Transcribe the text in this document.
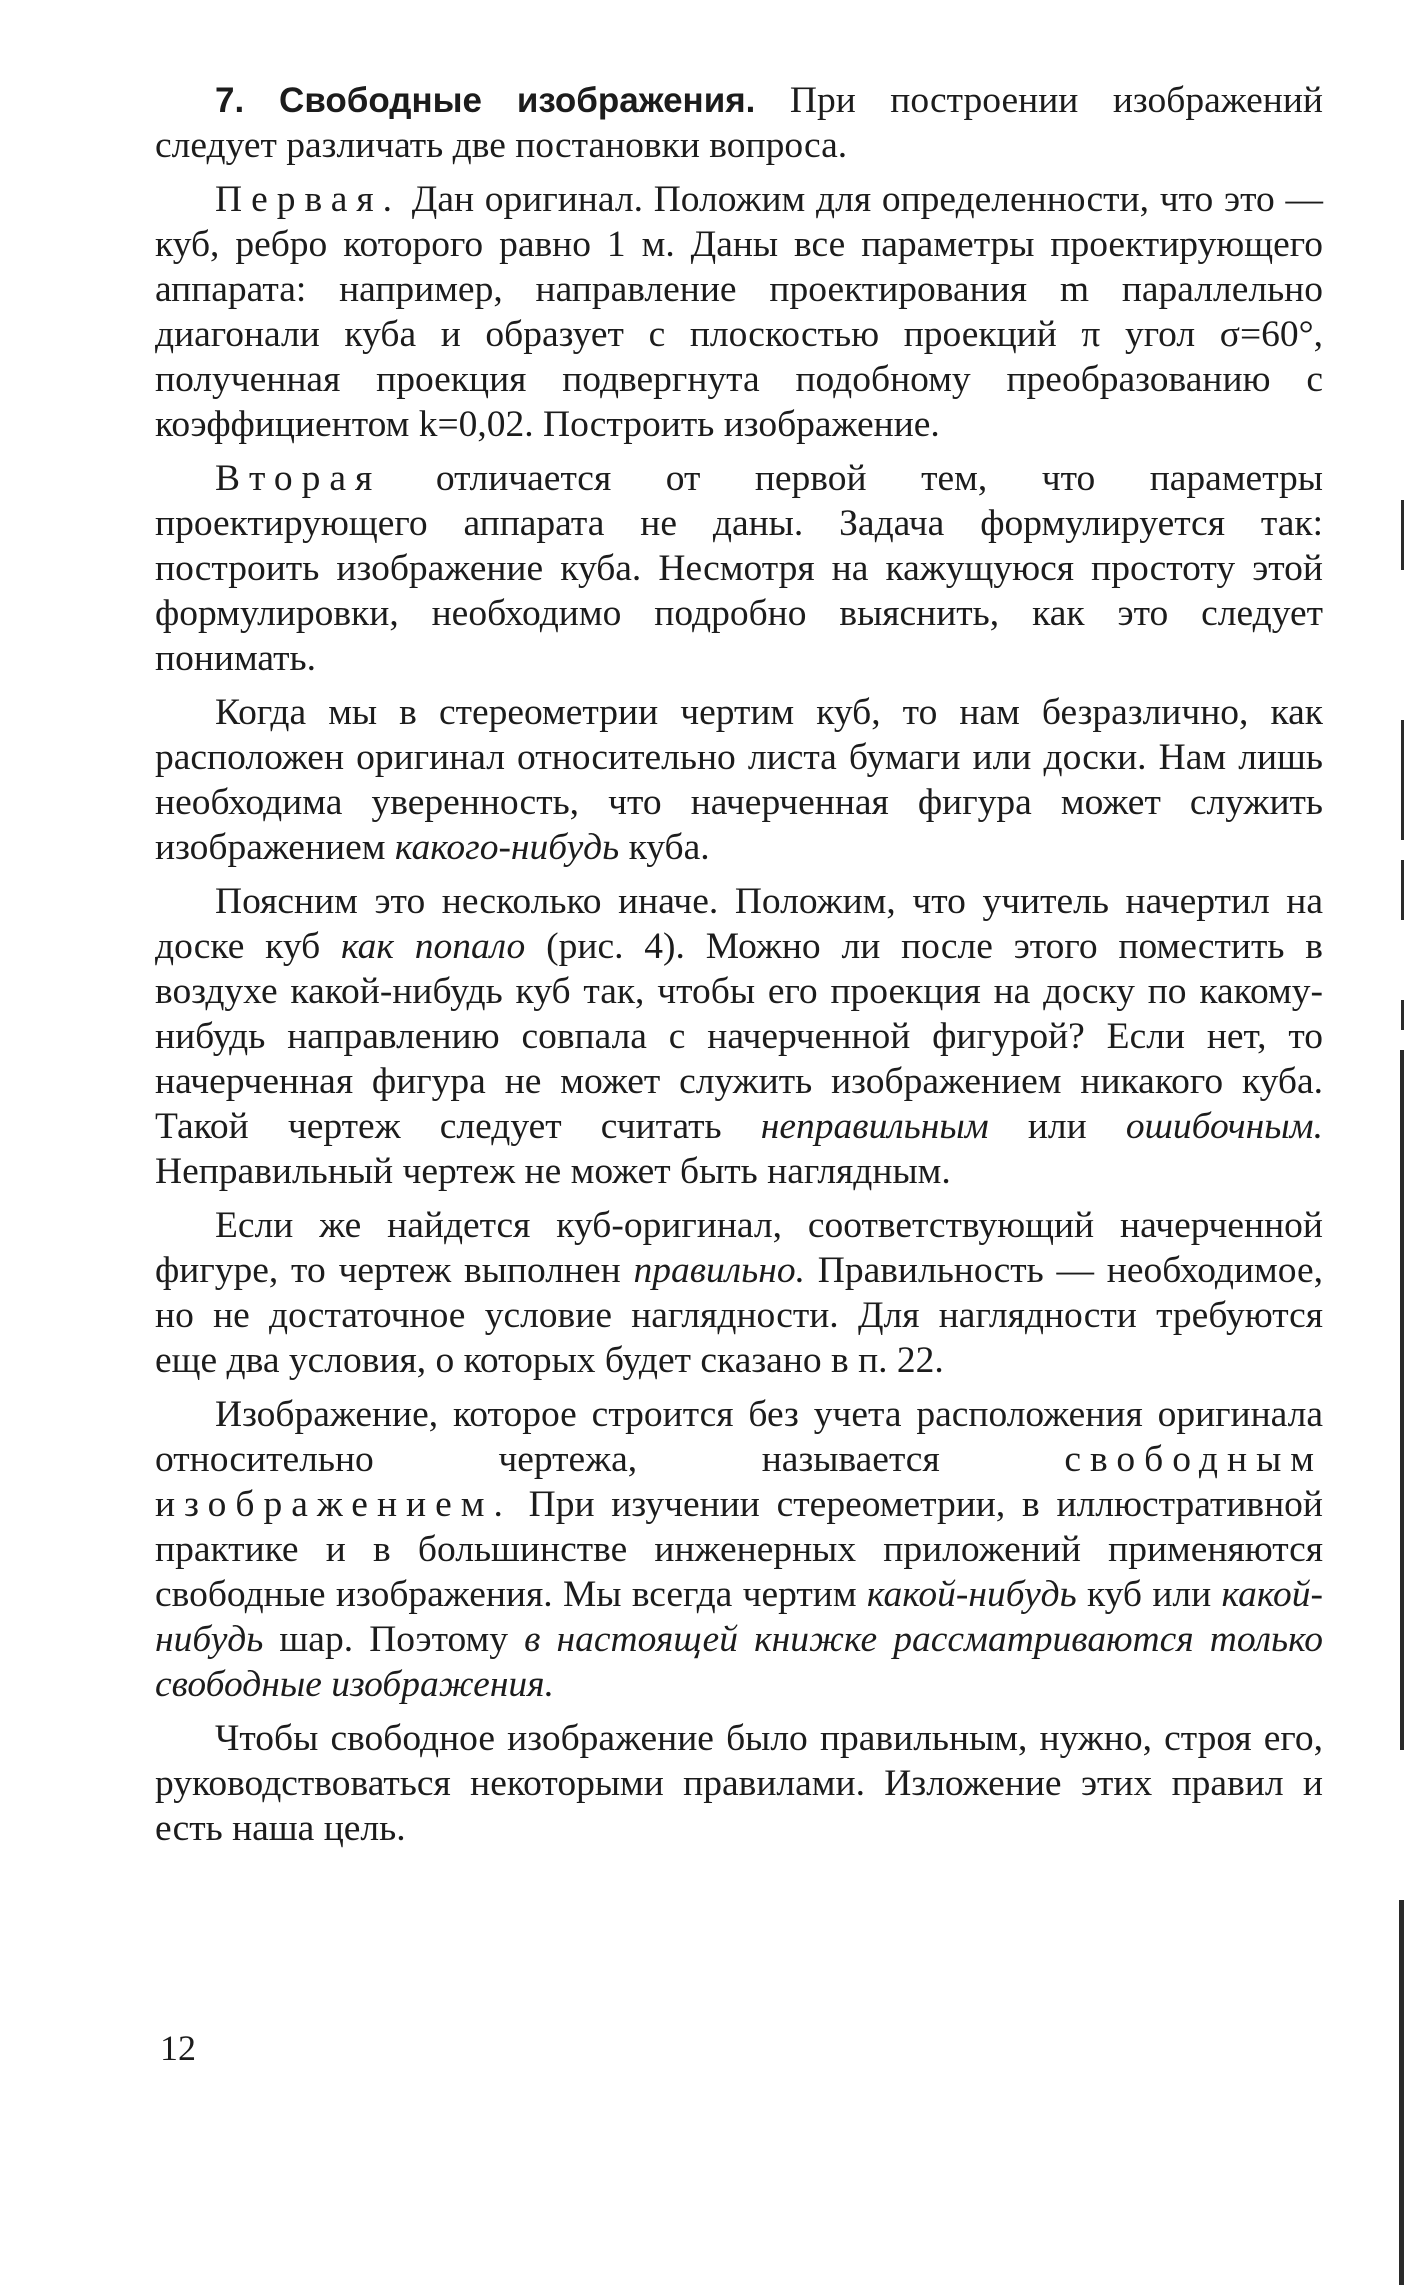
7. Свободные изображения. При построении изображений следует различать две постановки вопроса.

Первая. Дан оригинал. Положим для определенности, что это — куб, ребро которого равно 1 м. Даны все параметры проектирующего аппарата: например, направление проектирования m параллельно диагонали куба и образует с плоскостью проекций π угол σ=60°, полученная проекция подвергнута подобному преобразованию с коэффициентом k=0,02. Построить изображение.

Вторая отличается от первой тем, что параметры проектирующего аппарата не даны. Задача формулируется так: построить изображение куба. Несмотря на кажущуюся простоту этой формулировки, необходимо подробно выяснить, как это следует понимать.

Когда мы в стереометрии чертим куб, то нам безразлично, как расположен оригинал относительно листа бумаги или доски. Нам лишь необходима уверенность, что начерченная фигура может служить изображением какого-нибудь куба.

Поясним это несколько иначе. Положим, что учитель начертил на доске куб как попало (рис. 4). Можно ли после этого поместить в воздухе какой-нибудь куб так, чтобы его проекция на доску по какому-нибудь направлению совпала с начерченной фигурой? Если нет, то начерченная фигура не может служить изображением никакого куба. Такой чертеж следует считать неправильным или ошибочным. Неправильный чертеж не может быть наглядным.

Если же найдется куб-оригинал, соответствующий начерченной фигуре, то чертеж выполнен правильно. Правильность — необходимое, но не достаточное условие наглядности. Для наглядности требуются еще два условия, о которых будет сказано в п. 22.

Изображение, которое строится без учета расположения оригинала относительно чертежа, называется свободным изображением. При изучении стереометрии, в иллюстративной практике и в большинстве инженерных приложений применяются свободные изображения. Мы всегда чертим какой-нибудь куб или какой-нибудь шар. Поэтому в настоящей книжке рассматриваются только свободные изображения.

Чтобы свободное изображение было правильным, нужно, строя его, руководствоваться некоторыми правилами. Изложение этих правил и есть наша цель.

12
